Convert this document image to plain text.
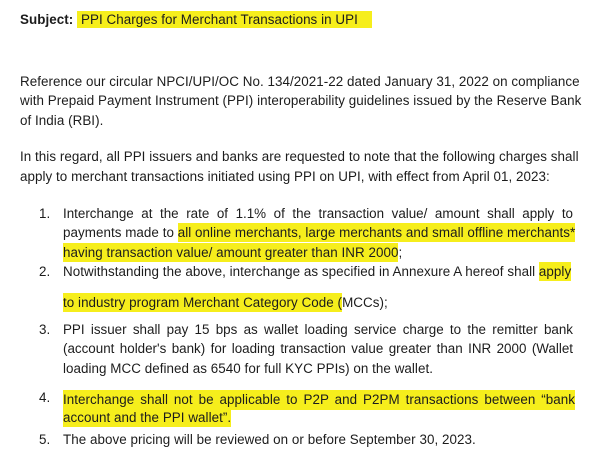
Subject: PPI Charges for Merchant Transactions in UPI
Reference our circular NPCI/UPI/OC No. 134/2021-22 dated January 31, 2022 on compliance
with Prepaid Payment Instrument (PPI) interoperability guidelines issued by the Reserve Bank
of India (RBI).
In this regard, all PPI issuers and banks are requested to note that the following charges shall
apply to merchant transactions initiated using PPI on UPI, with effect from April 01, 2023:
1. Interchange at the rate of 1.1% of the transaction value/ amount shall apply to
payments made to all online merchants, large merchants and small offline merchants*
having transaction value/ amount greater than INR 2000;
2. Notwithstanding the above, interchange as specified in Annexure A hereof shall apply
to industry program Merchant Category Code (MCCs);
3. PPI issuer shall pay 15 bps as wallet loading service charge to the remitter bank
(account holder's bank) for loading transaction value greater than INR 2000 (Wallet
loading MCC defined as 6540 for full KYC PPIs) on the wallet.
4. Interchange shall not be applicable to P2P and P2PM transactions between “bank
account and the PPI wallet”.
5. The above pricing will be reviewed on or before September 30, 2023.
